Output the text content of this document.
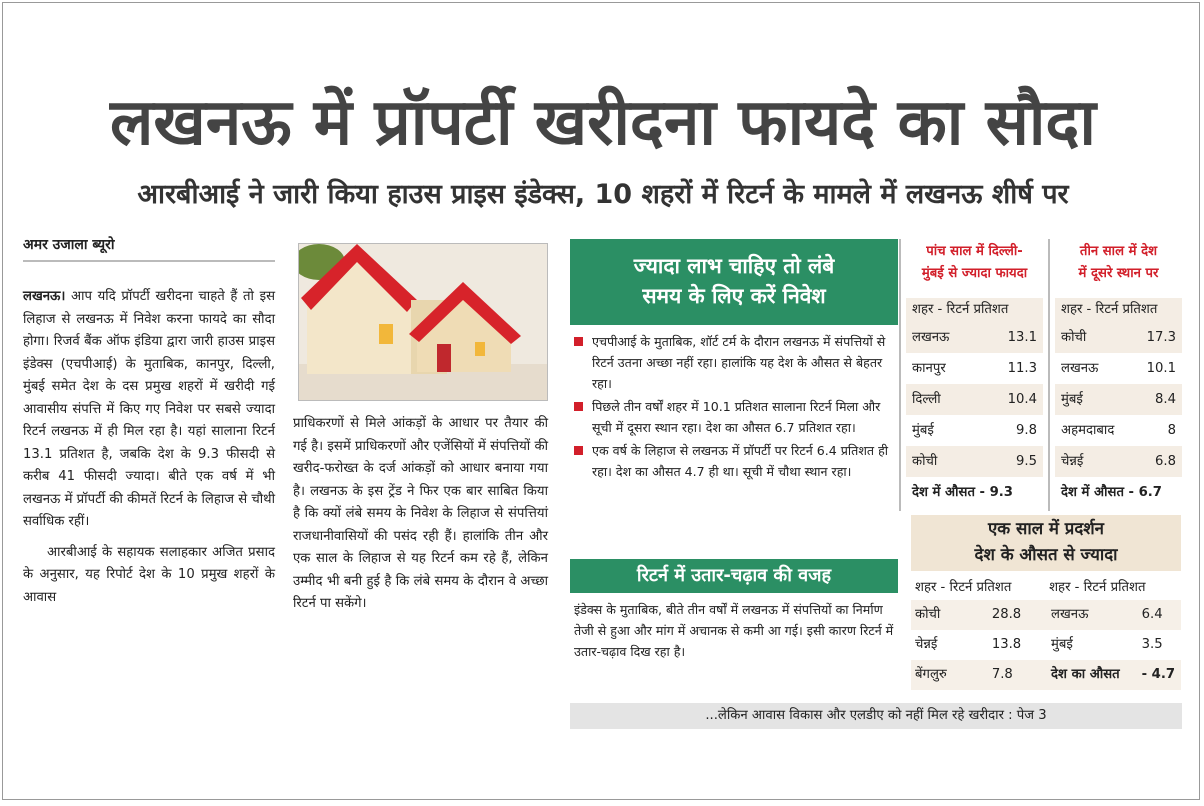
लखनऊ में प्रॉपर्टी खरीदना फायदे का सौदा
आरबीआई ने जारी किया हाउस प्राइस इंडेक्स, 10 शहरों में रिटर्न के मामले में लखनऊ शीर्ष पर
अमर उजाला ब्यूरो

लखनऊ। आप यदि प्रॉपर्टी खरीदना चाहते हैं तो इस लिहाज से लखनऊ में निवेश करना फायदे का सौदा होगा। रिजर्व बैंक ऑफ इंडिया द्वारा जारी हाउस प्राइस इंडेक्स (एचपीआई) के मुताबिक, कानपुर, दिल्ली, मुंबई समेत देश के दस प्रमुख शहरों में खरीदी गई आवासीय संपत्ति में किए गए निवेश पर सबसे ज्यादा रिटर्न लखनऊ में ही मिल रहा है। यहां सालाना रिटर्न 13.1 प्रतिशत है, जबकि देश के 9.3 फीसदी से करीब 41 फीसदी ज्यादा। बीते एक वर्ष में भी लखनऊ में प्रॉपर्टी की कीमतें रिटर्न के लिहाज से चौथी सर्वाधिक रहीं।

आरबीआई के सहायक सलाहकार अजित प्रसाद के अनुसार, यह रिपोर्ट देश के 10 प्रमुख शहरों के आवास

प्राधिकरणों से मिले आंकड़ों के आधार पर तैयार की गई है। इसमें प्राधिकरणों और एजेंसियों में संपत्तियों की खरीद-फरोख्त के दर्ज आंकड़ों को आधार बनाया गया है। लखनऊ के इस ट्रेंड ने फिर एक बार साबित किया है कि क्यों लंबे समय के निवेश के लिहाज से संपत्तियां राजधानीवासियों की पसंद रही हैं। हालांकि तीन और एक साल के लिहाज से यह रिटर्न कम रहे हैं, लेकिन उम्मीद भी बनी हुई है कि लंबे समय के दौरान वे अच्छा रिटर्न पा सकेंगे।

ज्यादा लाभ चाहिए तो लंबे
समय के लिए करें निवेश
एचपीआई के मुताबिक, शॉर्ट टर्म के दौरान लखनऊ में संपत्तियों से रिटर्न उतना अच्छा नहीं रहा। हालांकि यह देश के औसत से बेहतर रहा।
पिछले तीन वर्षों शहर में 10.1 प्रतिशत सालाना रिटर्न मिला और सूची में दूसरा स्थान रहा। देश का औसत 6.7 प्रतिशत रहा।
एक वर्ष के लिहाज से लखनऊ में प्रॉपर्टी पर रिटर्न 6.4 प्रतिशत ही रहा। देश का औसत 4.7 ही था। सूची में चौथा स्थान रहा।
रिटर्न में उतार-चढ़ाव की वजह
इंडेक्स के मुताबिक, बीते तीन वर्षों में लखनऊ में संपत्तियों का निर्माण तेजी से हुआ और मांग में अचानक से कमी आ गई। इसी कारण रिटर्न में उतार-चढ़ाव दिख रहा है।
पांच साल में दिल्ली-
मुंबई से ज्यादा फायदा
शहर - रिटर्न प्रतिशत
लखनऊ	13.1
कानपुर	11.3
दिल्ली	10.4
मुंबई	9.8
कोची	9.5
देश में औसत - 9.3
तीन साल में देश
में दूसरे स्थान पर
शहर - रिटर्न प्रतिशत
कोची	17.3
लखनऊ	10.1
मुंबई	8.4
अहमदाबाद	8
चेन्नई	6.8
देश में औसत - 6.7
एक साल में प्रदर्शन
देश के औसत से ज्यादा
शहर - रिटर्न प्रतिशत	शहर - रिटर्न प्रतिशत
कोची	28.8	लखनऊ	6.4
चेन्नई	13.8	मुंबई	3.5
बेंगलुरु	7.8	देश का औसत	- 4.7
...लेकिन आवास विकास और एलडीए को नहीं मिल रहे खरीदार : पेज 3
